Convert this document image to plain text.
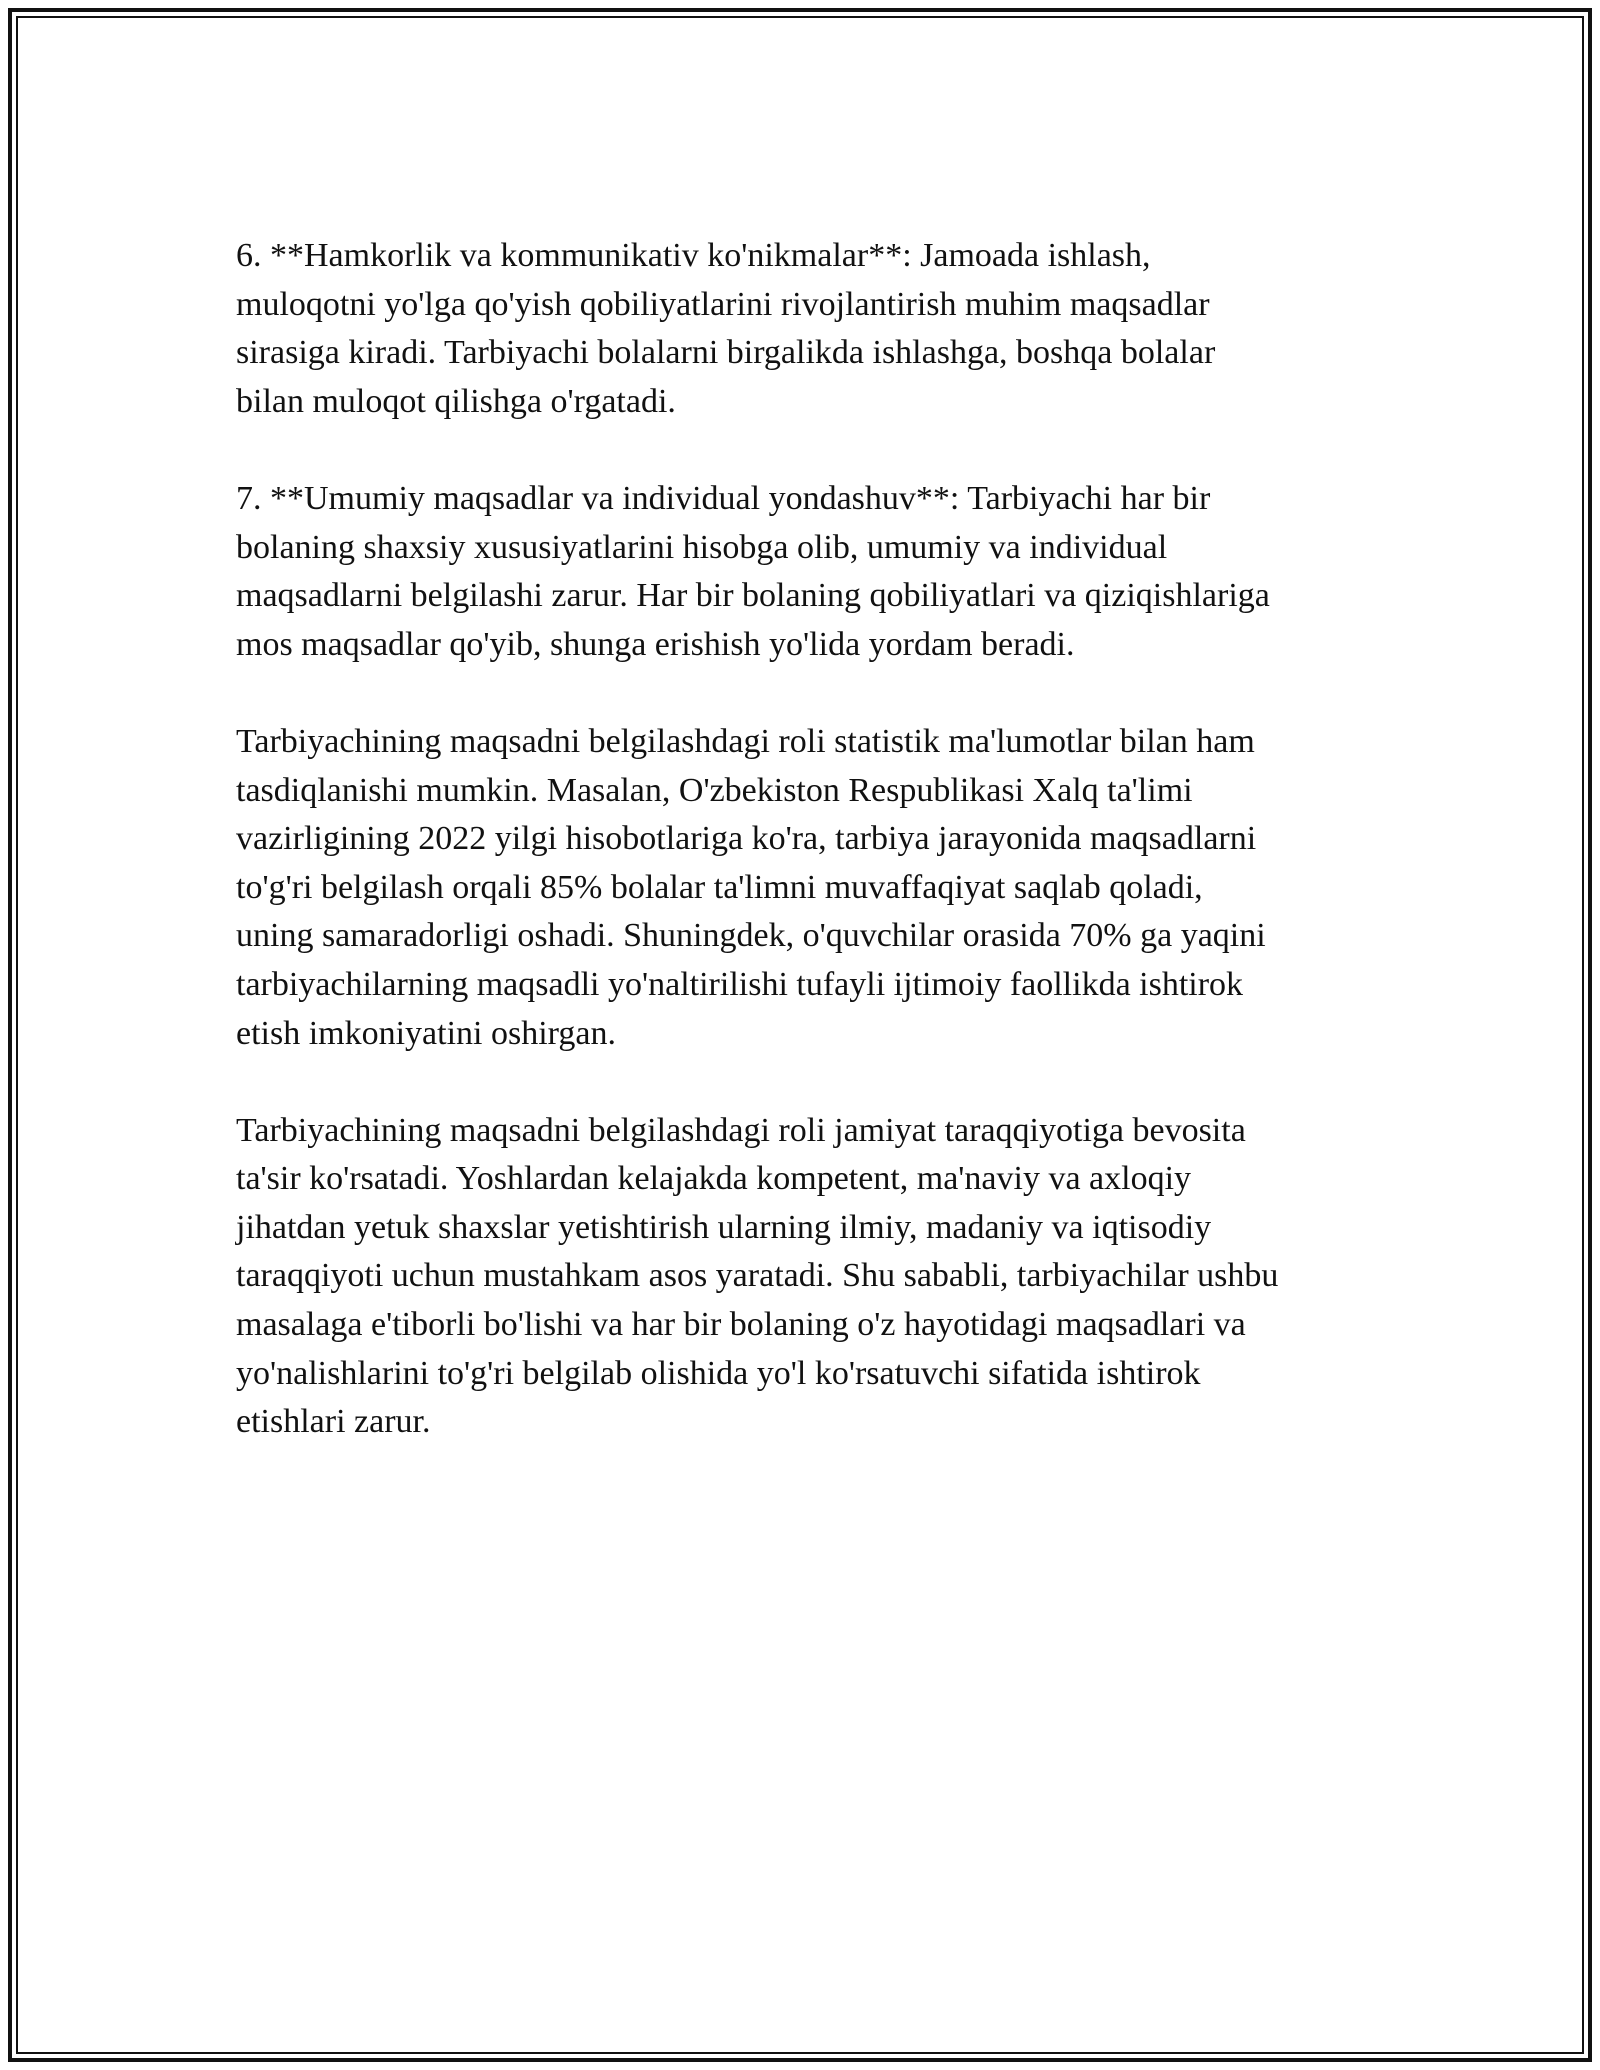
6. **Hamkorlik va kommunikativ ko'nikmalar**: Jamoada ishlash,
muloqotni yo'lga qo'yish qobiliyatlarini rivojlantirish muhim maqsadlar
sirasiga kiradi. Tarbiyachi bolalarni birgalikda ishlashga, boshqa bolalar
bilan muloqot qilishga o'rgatadi.

7. **Umumiy maqsadlar va individual yondashuv**: Tarbiyachi har bir
bolaning shaxsiy xususiyatlarini hisobga olib, umumiy va individual
maqsadlarni belgilashi zarur. Har bir bolaning qobiliyatlari va qiziqishlariga
mos maqsadlar qo'yib, shunga erishish yo'lida yordam beradi.

Tarbiyachining maqsadni belgilashdagi roli statistik ma'lumotlar bilan ham
tasdiqlanishi mumkin. Masalan, O'zbekiston Respublikasi Xalq ta'limi
vazirligining 2022 yilgi hisobotlariga ko'ra, tarbiya jarayonida maqsadlarni
to'g'ri belgilash orqali 85% bolalar ta'limni muvaffaqiyat saqlab qoladi,
uning samaradorligi oshadi. Shuningdek, o'quvchilar orasida 70% ga yaqini
tarbiyachilarning maqsadli yo'naltirilishi tufayli ijtimoiy faollikda ishtirok
etish imkoniyatini oshirgan.

Tarbiyachining maqsadni belgilashdagi roli jamiyat taraqqiyotiga bevosita
ta'sir ko'rsatadi. Yoshlardan kelajakda kompetent, ma'naviy va axloqiy
jihatdan yetuk shaxslar yetishtirish ularning ilmiy, madaniy va iqtisodiy
taraqqiyoti uchun mustahkam asos yaratadi. Shu sababli, tarbiyachilar ushbu
masalaga e'tiborli bo'lishi va har bir bolaning o'z hayotidagi maqsadlari va
yo'nalishlarini to'g'ri belgilab olishida yo'l ko'rsatuvchi sifatida ishtirok
etishlari zarur.
